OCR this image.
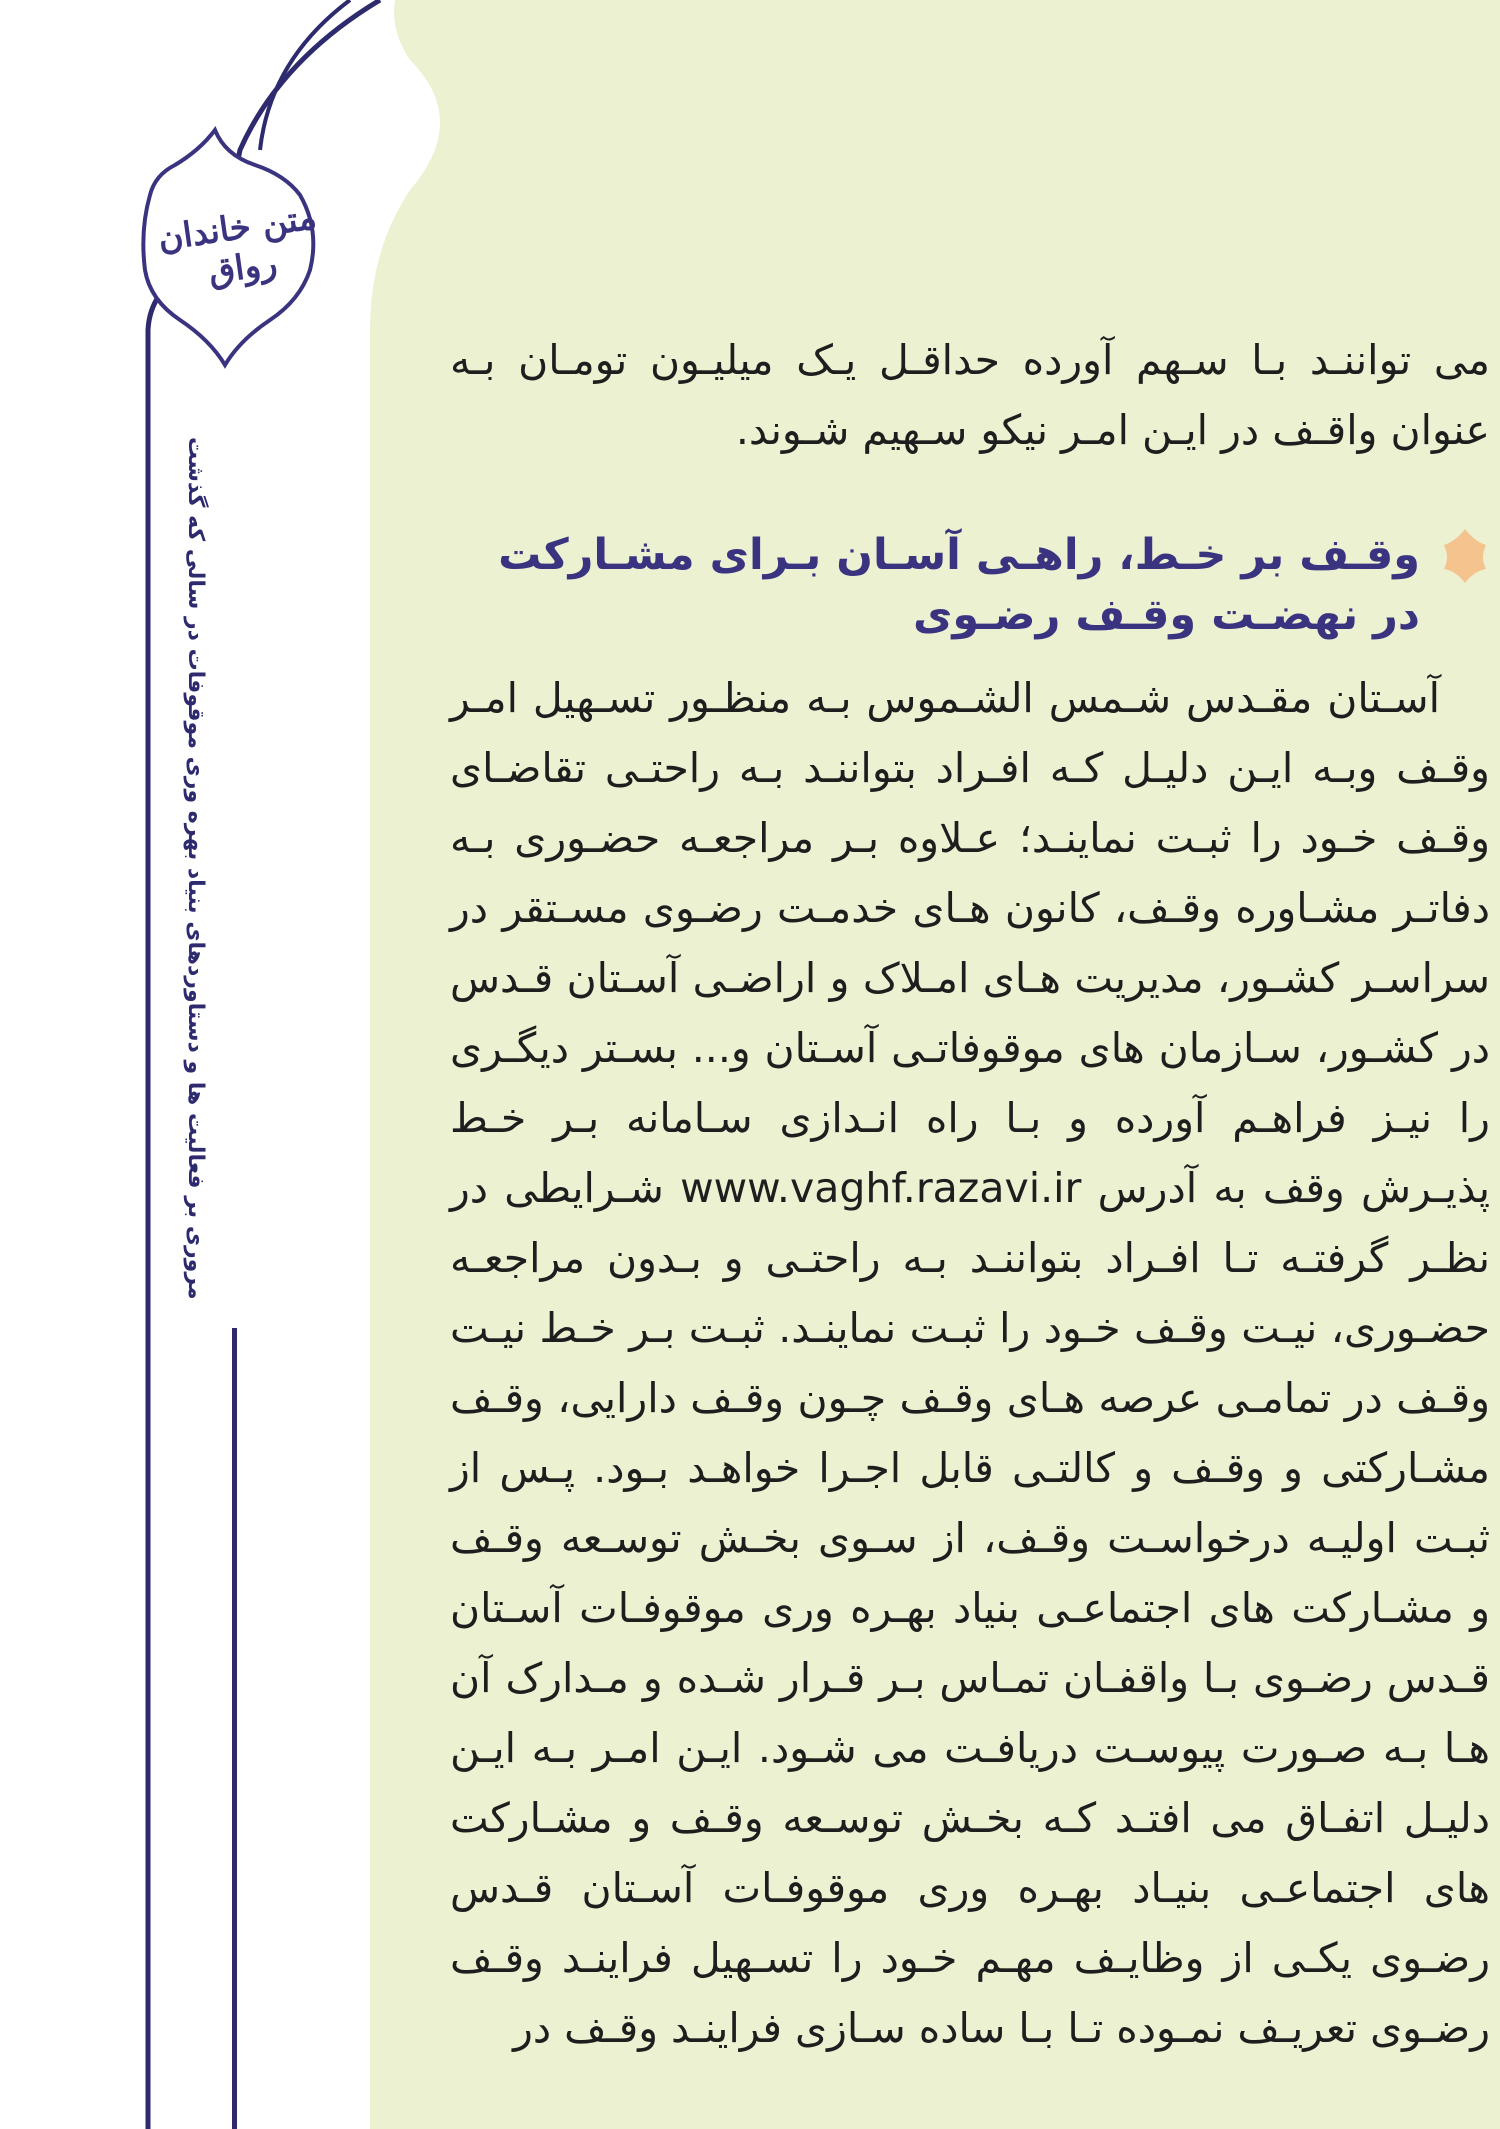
متن خاندان رواق
مروری بر فعالیت ها و دستاوردهای بنیاد بهره وری موقوفات در سالی که گذشت

می تواننـد بـا سـهم آورده حداقـل یـک میلیـون تومـان بـه عنوان واقـف در ایـن امـر نیکو سـهیم شـوند.

وقـف بر خـط، راهـی آسـان بـرای مشـارکت در نهضـت وقـف رضـوی

آسـتان مقـدس شـمس الشـموس بـه منظـور تسـهیل امـر وقـف وبـه ایـن دلیـل کـه افـراد بتواننـد بـه راحتـی تقاضـای وقـف خـود را ثبـت نماینـد؛ عـلاوه بـر مراجعـه حضـوری بـه دفاتـر مشـاوره وقـف، کانون هـای خدمـت رضـوی مسـتقر در سراسـر کشـور، مدیریت هـای امـلاک و اراضـی آسـتان قـدس در کشـور، سـازمان های موقوفاتـی آسـتان و... بسـتر دیگـری را نیـز فراهـم آورده و بـا راه انـدازی سـامانه بـر خـط پذیـرش وقف به آدرس www.vaghf.razavi.ir شـرایطی در نظـر گرفتـه تـا افـراد بتواننـد بـه راحتـی و بـدون مراجعـه حضـوری، نیـت وقـف خـود را ثبـت نماینـد. ثبـت بـر خـط نیـت وقـف در تمامـی عرصه هـای وقـف چـون وقـف دارایی، وقـف مشـارکتی و وقـف و کالتـی قابل اجـرا خواهـد بـود. پـس از ثبـت اولیـه درخواسـت وقـف، از سـوی بخـش توسـعه وقـف و مشـارکت های اجتماعـی بنیاد بهـره وری موقوفـات آسـتان قـدس رضـوی بـا واقفـان تمـاس بـر قـرار شـده و مـدارک آن هـا بـه صـورت پیوسـت دریافـت می شـود. ایـن امـر بـه ایـن دلیـل اتفـاق می افتـد کـه بخـش توسـعه وقـف و مشـارکت های اجتماعـی بنیـاد بهـره وری موقوفـات آسـتان قـدس رضـوی یکـی از وظایـف مهـم خـود را تسـهیل فراینـد وقـف رضـوی تعریـف نمـوده تـا بـا ساده سـازی فراینـد وقـف در
